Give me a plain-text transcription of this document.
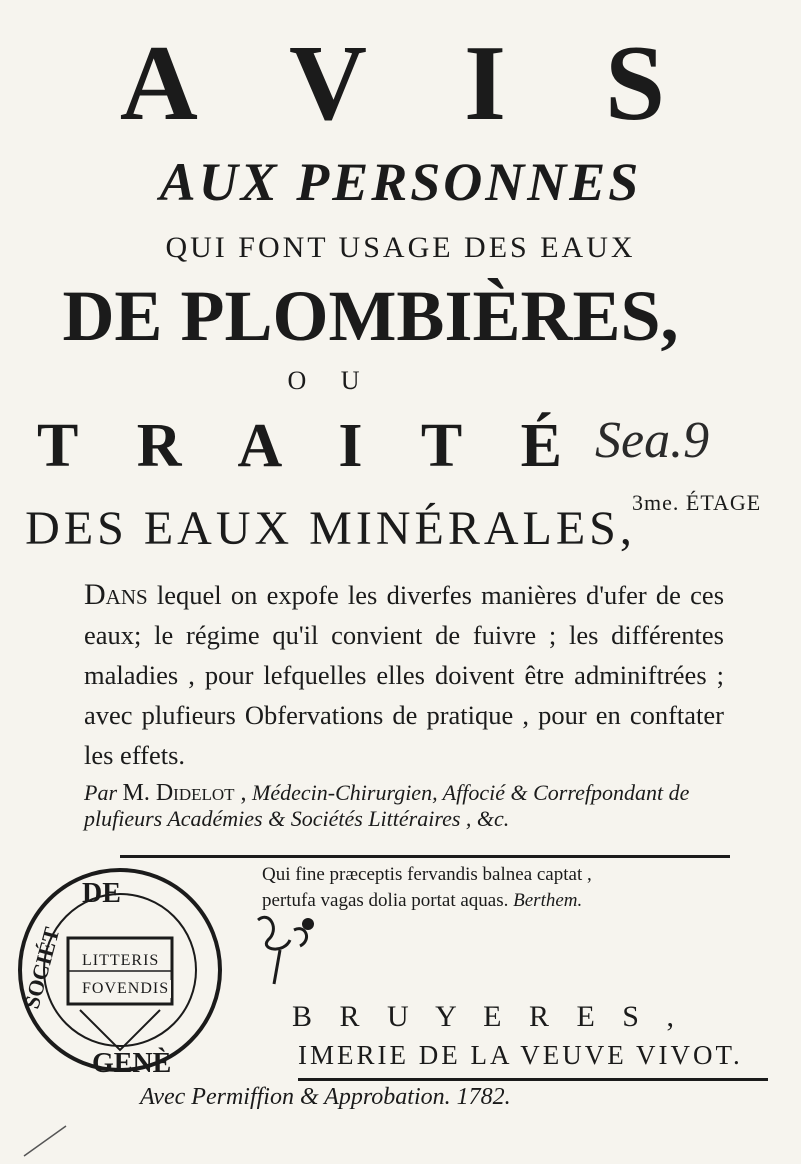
A V I S
AUX PERSONNES
QUI FONT USAGE DES EAUX
DE PLOMBIÈRES,
O U
T R A I T É Sea.9
DES EAUX MINÉRALES,
3me. ÉTAGE
Dans lequel on expofe les diverfes manières d'ufer de ces eaux; le régime qu'il convient de fuivre ; les différentes maladies , pour lefquelles elles doivent être adminiftrées ; avec plufieurs Obfervations de pratique , pour en conftater les effets.
Par M. Didelot , Médecin-Chirurgien, Affocié & Correfpondant de plufieurs Académies & Sociétés Littéraires , &c.
Qui fine præceptis fervandis balnea captat ,
pertufa vagas dolia portat aquas. Berthem.
DE
SOCIÉT
GENÈ
LITTERIS
FOVENDIS
B R U Y E R E S ,
IMERIE DE LA VEUVE VIVOT.
Avec Permiffion & Approbation. 1782.
